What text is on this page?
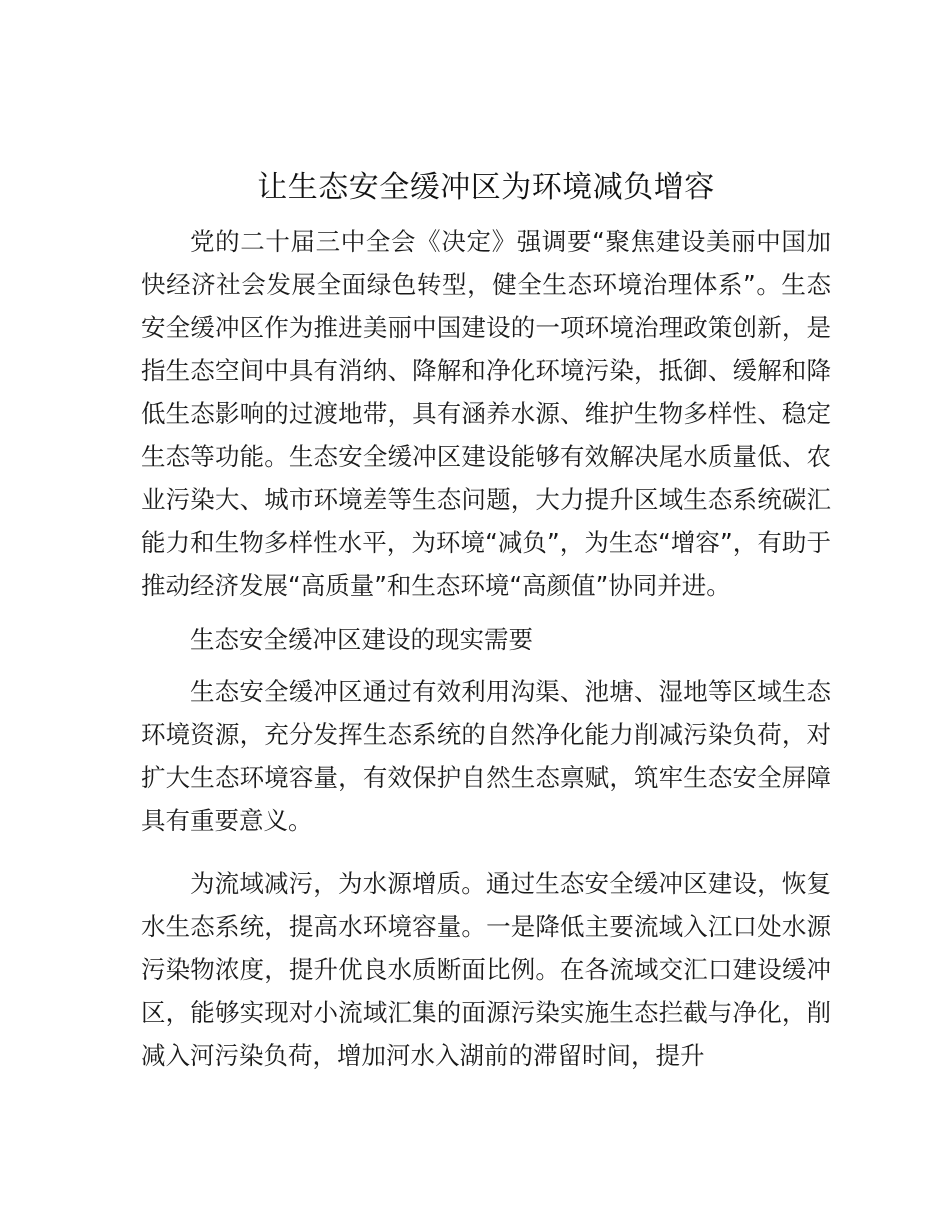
让生态安全缓冲区为环境减负增容

党的二十届三中全会《决定》强调要“聚焦建设美丽中国加快经济社会发展全面绿色转型，健全生态环境治理体系”。生态安全缓冲区作为推进美丽中国建设的一项环境治理政策创新，是指生态空间中具有消纳、降解和净化环境污染，抵御、缓解和降低生态影响的过渡地带，具有涵养水源、维护生物多样性、稳定生态等功能。生态安全缓冲区建设能够有效解决尾水质量低、农业污染大、城市环境差等生态问题，大力提升区域生态系统碳汇能力和生物多样性水平，为环境“减负”，为生态“增容”，有助于推动经济发展“高质量”和生态环境“高颜值”协同并进。

生态安全缓冲区建设的现实需要

生态安全缓冲区通过有效利用沟渠、池塘、湿地等区域生态环境资源，充分发挥生态系统的自然净化能力削减污染负荷，对扩大生态环境容量，有效保护自然生态禀赋，筑牢生态安全屏障具有重要意义。

为流域减污，为水源增质。通过生态安全缓冲区建设，恢复水生态系统，提高水环境容量。一是降低主要流域入江口处水源污染物浓度，提升优良水质断面比例。在各流域交汇口建设缓冲区，能够实现对小流域汇集的面源污染实施生态拦截与净化，削减入河污染负荷，增加河水入湖前的滞留时间，提升
